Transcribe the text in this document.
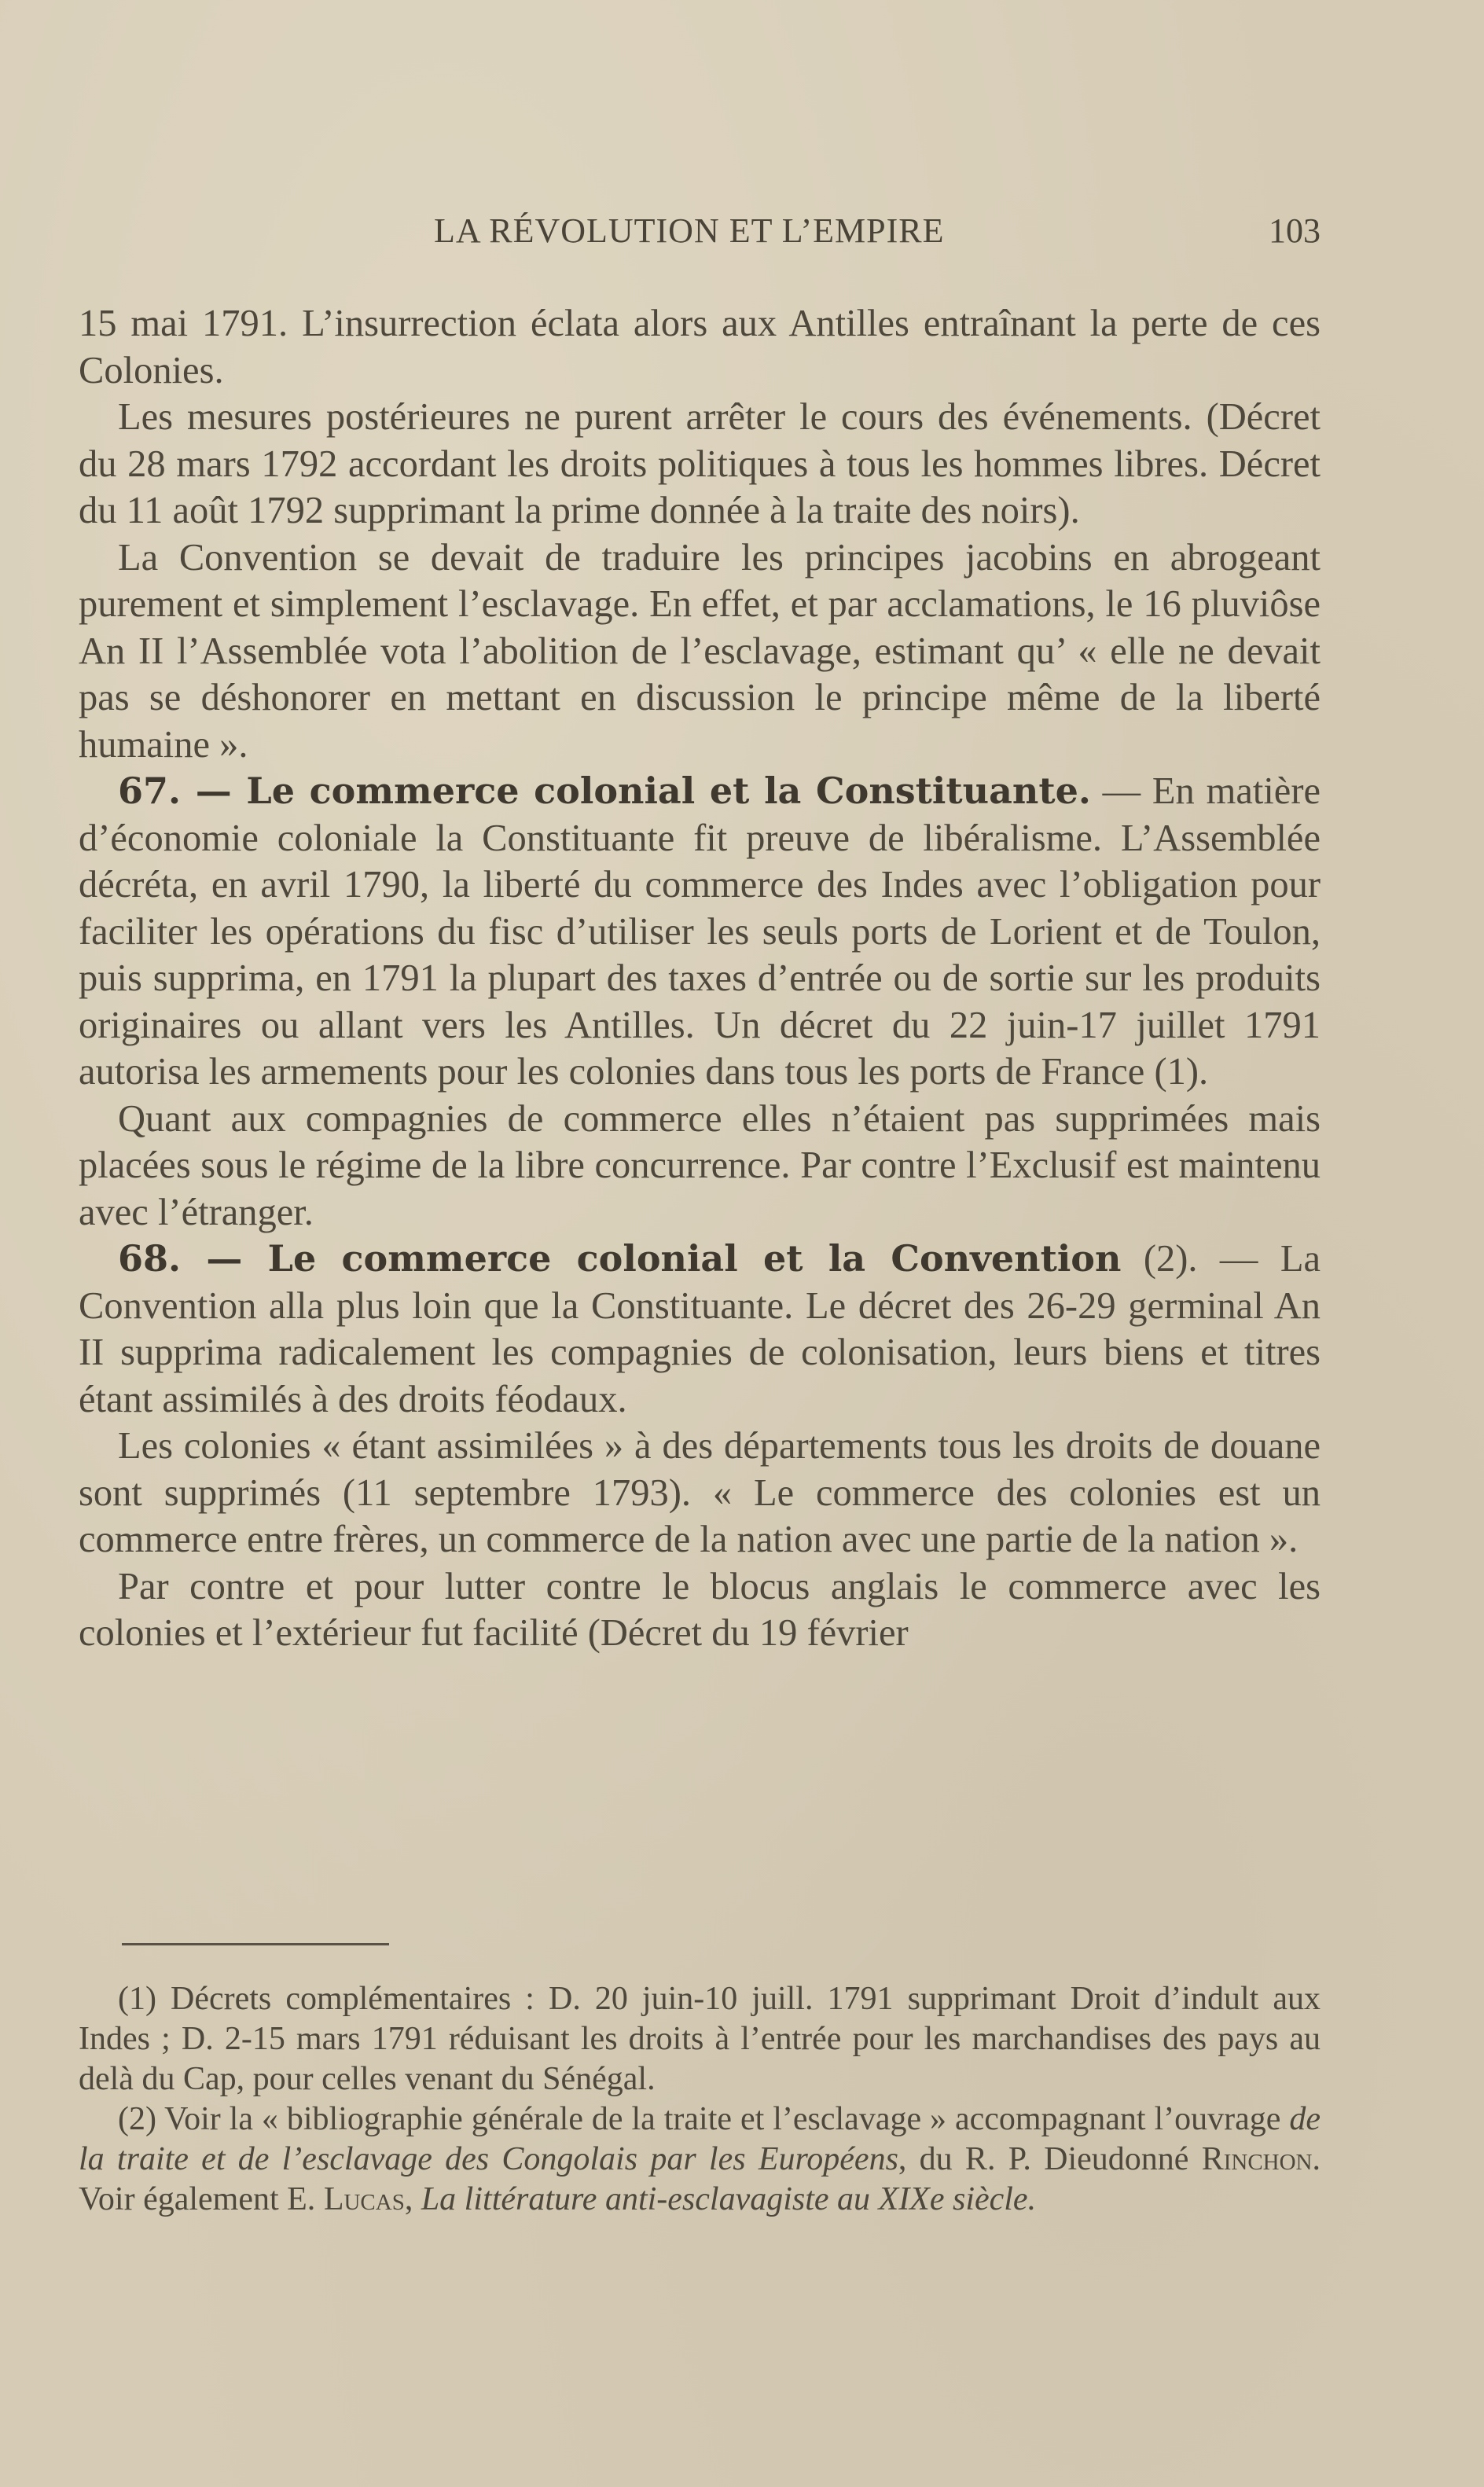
LA RÉVOLUTION ET L’EMPIRE	103

15 mai 1791. L’insurrection éclata alors aux Antilles entraînant la perte de ces Colonies.

Les mesures postérieures ne purent arrêter le cours des événements. (Décret du 28 mars 1792 accordant les droits politiques à tous les hommes libres. Décret du 11 août 1792 supprimant la prime donnée à la traite des noirs).

La Convention se devait de traduire les principes jacobins en abrogeant purement et simplement l’esclavage. En effet, et par acclamations, le 16 pluviôse An II l’Assemblée vota l’abolition de l’esclavage, estimant qu’ « elle ne devait pas se déshonorer en mettant en discussion le principe même de la liberté humaine ».

67. — Le commerce colonial et la Constituante. — En matière d’économie coloniale la Constituante fit preuve de libéralisme. L’Assemblée décréta, en avril 1790, la liberté du commerce des Indes avec l’obligation pour faciliter les opérations du fisc d’utiliser les seuls ports de Lorient et de Toulon, puis supprima, en 1791 la plupart des taxes d’entrée ou de sortie sur les produits originaires ou allant vers les Antilles. Un décret du 22 juin-17 juillet 1791 autorisa les armements pour les colonies dans tous les ports de France (1).

Quant aux compagnies de commerce elles n’étaient pas supprimées mais placées sous le régime de la libre concurrence. Par contre l’Exclusif est maintenu avec l’étranger.

68. — Le commerce colonial et la Convention (2). — La Convention alla plus loin que la Constituante. Le décret des 26-29 germinal An II supprima radicalement les compagnies de colonisation, leurs biens et titres étant assimilés à des droits féodaux.

Les colonies « étant assimilées » à des départements tous les droits de douane sont supprimés (11 septembre 1793). « Le commerce des colonies est un commerce entre frères, un commerce de la nation avec une partie de la nation ».

Par contre et pour lutter contre le blocus anglais le commerce avec les colonies et l’extérieur fut facilité (Décret du 19 février

(1) Décrets complémentaires : D. 20 juin-10 juill. 1791 supprimant Droit d’indult aux Indes ; D. 2-15 mars 1791 réduisant les droits à l’entrée pour les marchandises des pays au delà du Cap, pour celles venant du Sénégal.

(2) Voir la « bibliographie générale de la traite et l’esclavage » accompagnant l’ouvrage de la traite et de l’esclavage des Congolais par les Européens, du R. P. Dieudonné Rinchon. Voir également E. Lucas, La littérature anti-esclavagiste au XIXe siècle.
